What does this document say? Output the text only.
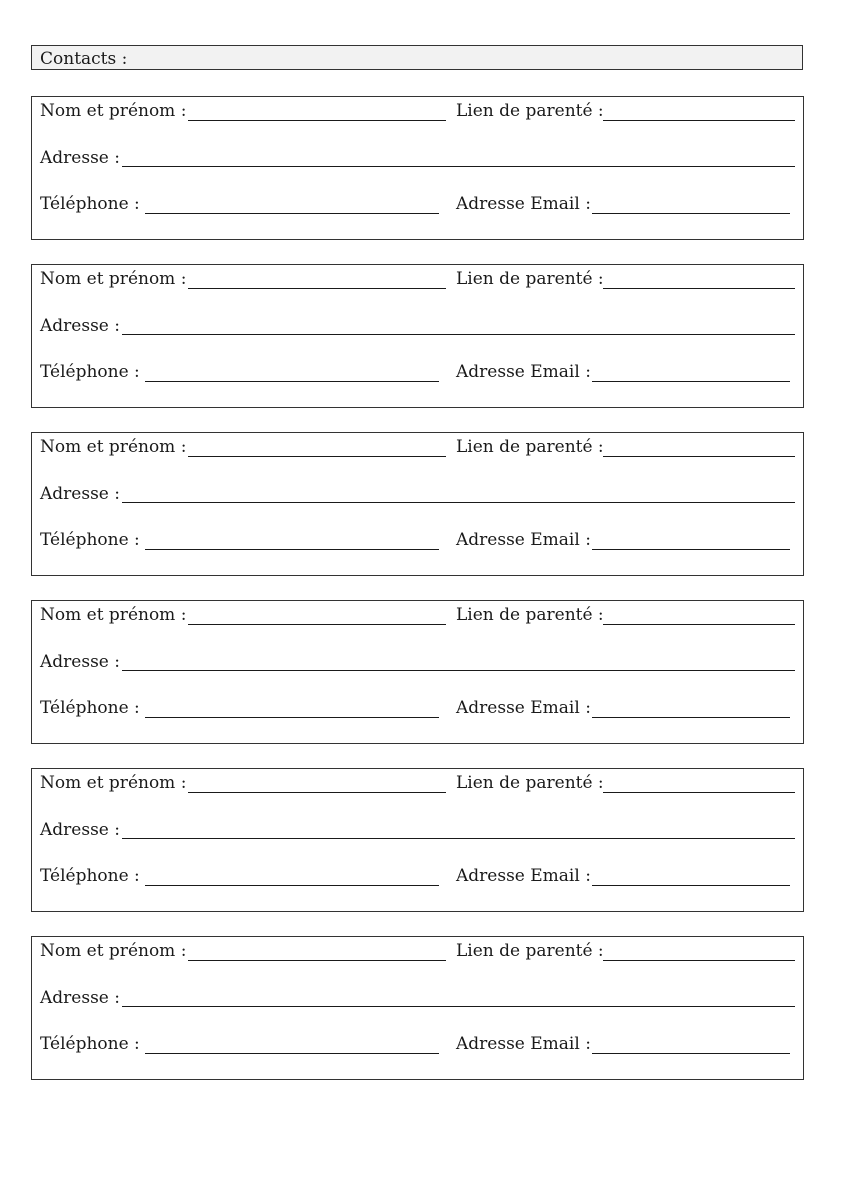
Contacts :
Nom et prénom :	Lien de parenté :
Adresse :
Téléphone :	Adresse Email :
Nom et prénom :	Lien de parenté :
Adresse :
Téléphone :	Adresse Email :
Nom et prénom :	Lien de parenté :
Adresse :
Téléphone :	Adresse Email :
Nom et prénom :	Lien de parenté :
Adresse :
Téléphone :	Adresse Email :
Nom et prénom :	Lien de parenté :
Adresse :
Téléphone :	Adresse Email :
Nom et prénom :	Lien de parenté :
Adresse :
Téléphone :	Adresse Email :
